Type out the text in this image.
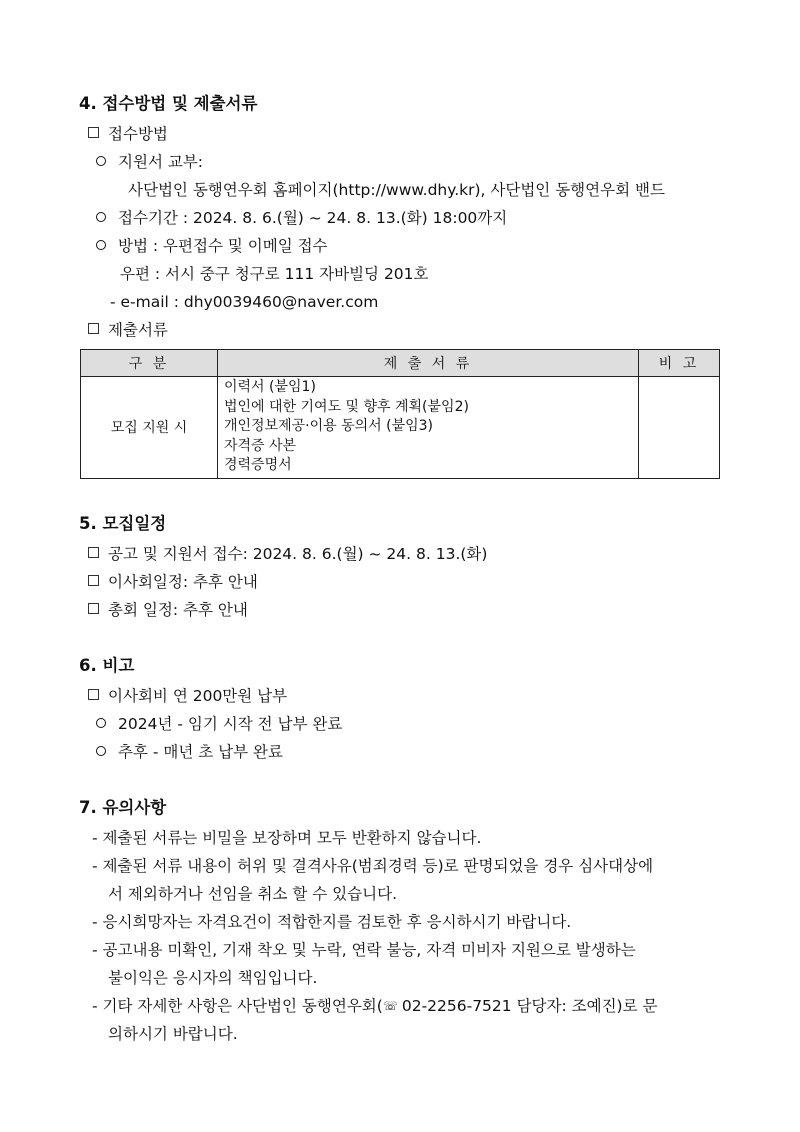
4. 접수방법 및 제출서류
접수방법
지원서 교부:
사단법인 동행연우회 홈페이지(http://www.dhy.kr), 사단법인 동행연우회 밴드
접수기간 : 2024. 8. 6.(월) ~ 24. 8. 13.(화) 18:00까지
방법 : 우편접수 및 이메일 접수
우편 : 서시 중구 청구로 111 자바빌딩 201호
- e-mail : dhy0039460@naver.com
제출서류
구 분	제 출 서 류	비 고
모집 지원 시	이력서 (붙임1)
법인에 대한 기여도 및 향후 계획(붙임2)
개인정보제공·이용 동의서 (붙임3)
자격증 사본
경력증명서	

5. 모집일정
공고 및 지원서 접수: 2024. 8. 6.(월) ~ 24. 8. 13.(화)
이사회일정: 추후 안내
총회 일정: 추후 안내
6. 비고
이사회비 연 200만원 납부
2024년 - 임기 시작 전 납부 완료
추후 - 매년 초 납부 완료
7. 유의사항
- 제출된 서류는 비밀을 보장하며 모두 반환하지 않습니다.
- 제출된 서류 내용이 허위 및 결격사유(범죄경력 등)로 판명되었을 경우 심사대상에
서 제외하거나 선임을 취소 할 수 있습니다.
- 응시희망자는 자격요건이 적합한지를 검토한 후 응시하시기 바랍니다.
- 공고내용 미확인, 기재 착오 및 누락, 연락 불능, 자격 미비자 지원으로 발생하는
불이익은 응시자의 책임입니다.
- 기타 자세한 사항은 사단법인 동행연우회(☏ 02-2256-7521 담당자: 조예진)로 문
의하시기 바랍니다.
